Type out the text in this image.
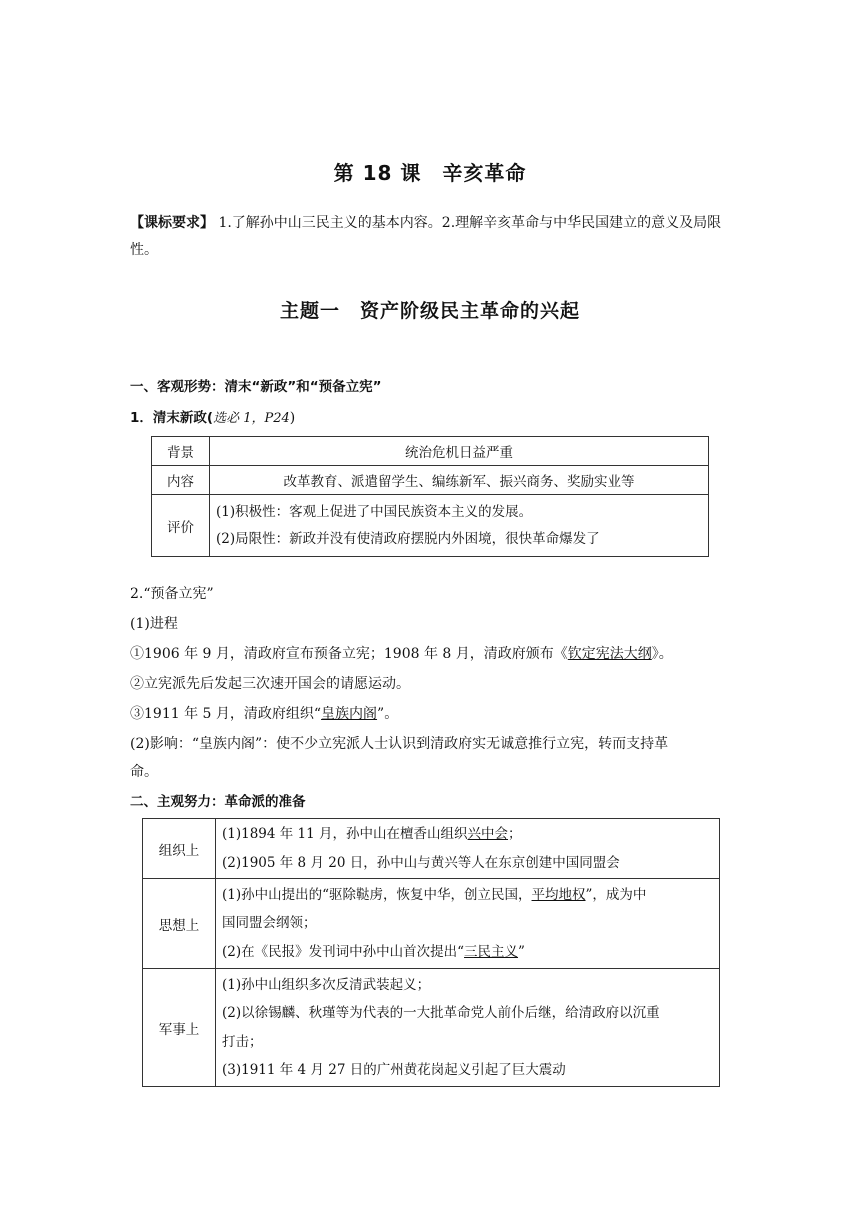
第 18 课　辛亥革命
【课标要求】 1.了解孙中山三民主义的基本内容。2.理解辛亥革命与中华民国建立的意义及局限性。
主题一　资产阶级民主革命的兴起
一、客观形势：清末“新政”和“预备立宪”
1．清末新政(选必 1，P24)
背景	统治危机日益严重
内容	改革教育、派遣留学生、编练新军、振兴商务、奖励实业等
评价	(1)积极性：客观上促进了中国民族资本主义的发展。
(2)局限性：新政并没有使清政府摆脱内外困境，很快革命爆发了
2.“预备立宪”
(1)进程
①1906 年 9 月，清政府宣布预备立宪；1908 年 8 月，清政府颁布《钦定宪法大纲》。
②立宪派先后发起三次速开国会的请愿运动。
③1911 年 5 月，清政府组织“皇族内阁”。
(2)影响：“皇族内阁”：使不少立宪派人士认识到清政府实无诚意推行立宪，转而支持革
命。
二、主观努力：革命派的准备
组织上	(1)1894 年 11 月，孙中山在檀香山组织兴中会；
(2)1905 年 8 月 20 日，孙中山与黄兴等人在东京创建中国同盟会

思想上	(1)孙中山提出的“驱除鞑虏，恢复中华，创立民国，平均地权”，成为中
国同盟会纲领；
(2)在《民报》发刊词中孙中山首次提出“三民主义”

军事上	(1)孙中山组织多次反清武装起义；
(2)以徐锡麟、秋瑾等为代表的一大批革命党人前仆后继，给清政府以沉重
打击；
(3)1911 年 4 月 27 日的广州黄花岗起义引起了巨大震动
